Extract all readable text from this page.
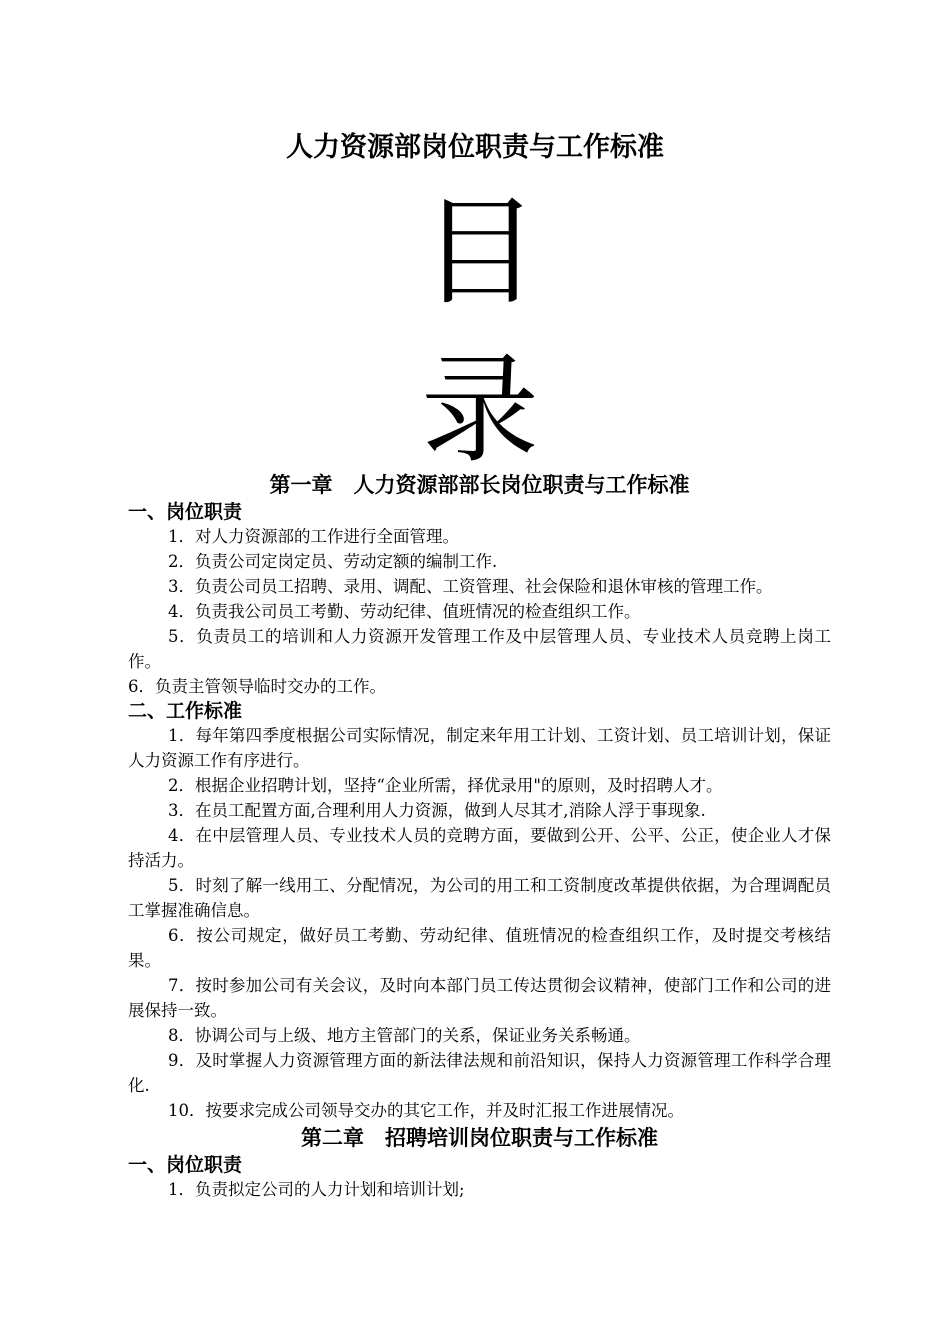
人力资源部岗位职责与工作标准
目
录
第一章　人力资源部部长岗位职责与工作标准
一、岗位职责

1．对人力资源部的工作进行全面管理。

2．负责公司定岗定员、劳动定额的编制工作.

3．负责公司员工招聘、录用、调配、工资管理、社会保险和退休审核的管理工作。

4．负责我公司员工考勤、劳动纪律、值班情况的检查组织工作。

5．负责员工的培训和人力资源开发管理工作及中层管理人员、专业技术人员竞聘上岗工作。

6．负责主管领导临时交办的工作。

二、工作标准

1．每年第四季度根据公司实际情况，制定来年用工计划、工资计划、员工培训计划，保证人力资源工作有序进行。

2．根据企业招聘计划，坚持“企业所需，择优录用"的原则，及时招聘人才。

3．在员工配置方面,合理利用人力资源，做到人尽其才,消除人浮于事现象.

4．在中层管理人员、专业技术人员的竞聘方面，要做到公开、公平、公正，使企业人才保持活力。

5．时刻了解一线用工、分配情况，为公司的用工和工资制度改革提供依据，为合理调配员工掌握准确信息。

6．按公司规定，做好员工考勤、劳动纪律、值班情况的检查组织工作，及时提交考核结果。

7．按时参加公司有关会议，及时向本部门员工传达贯彻会议精神，使部门工作和公司的进展保持一致。

8．协调公司与上级、地方主管部门的关系，保证业务关系畅通。

9．及时掌握人力资源管理方面的新法律法规和前沿知识，保持人力资源管理工作科学合理化.

10．按要求完成公司领导交办的其它工作，并及时汇报工作进展情况。

第二章　招聘培训岗位职责与工作标准
一、岗位职责

1．负责拟定公司的人力计划和培训计划;
